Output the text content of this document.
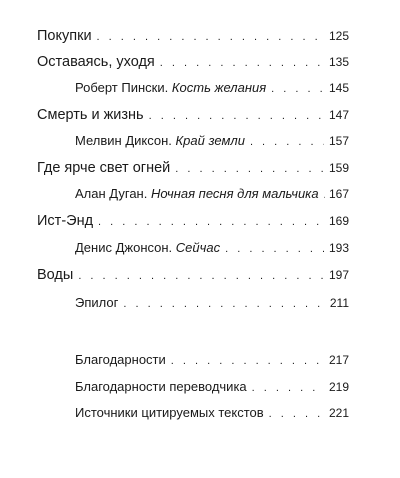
Покупки . . .	125
Оставаясь, уходя . . .	135
Роберт Пински. Кость желания . . .	145
Смерть и жизнь . . .	147
Мелвин Диксон. Край земли . . .	157
Где ярче свет огней . . .	159
Алан Дуган. Ночная песня для мальчика . . . 167
Ист-Энд . . .	169
Денис Джонсон. Сейчас . . .	193
Воды . . .	197
Эпилог . . .	211
Благодарности . . .	217
Благодарности переводчика . . .	219
Источники цитируемых текстов . . .	221
